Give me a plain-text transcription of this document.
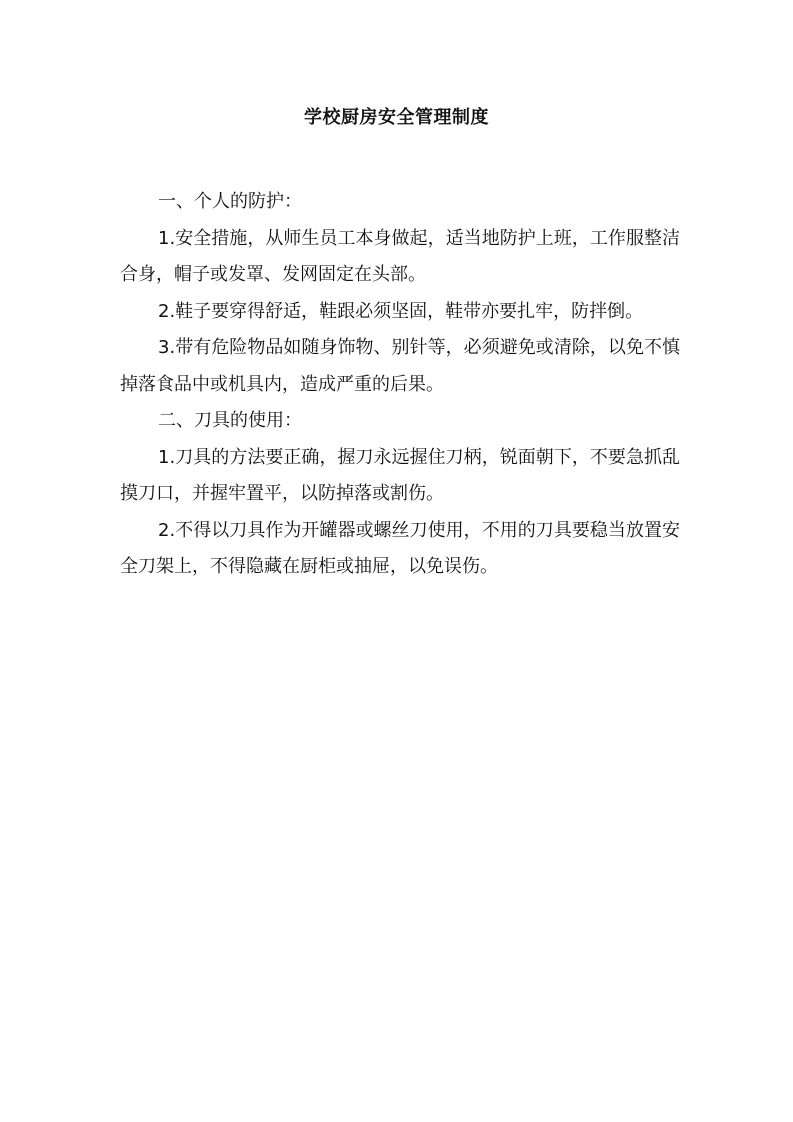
学校厨房安全管理制度

一、个人的防护：

1.安全措施，从师生员工本身做起，适当地防护上班，工作服整洁合身，帽子或发罩、发网固定在头部。

2.鞋子要穿得舒适，鞋跟必须坚固，鞋带亦要扎牢，防拌倒。

3.带有危险物品如随身饰物、别针等，必须避免或清除，以免不慎掉落食品中或机具内，造成严重的后果。

二、刀具的使用：

1.刀具的方法要正确，握刀永远握住刀柄，锐面朝下，不要急抓乱摸刀口，并握牢置平，以防掉落或割伤。

2.不得以刀具作为开罐器或螺丝刀使用，不用的刀具要稳当放置安全刀架上，不得隐藏在厨柜或抽屉，以免误伤。
